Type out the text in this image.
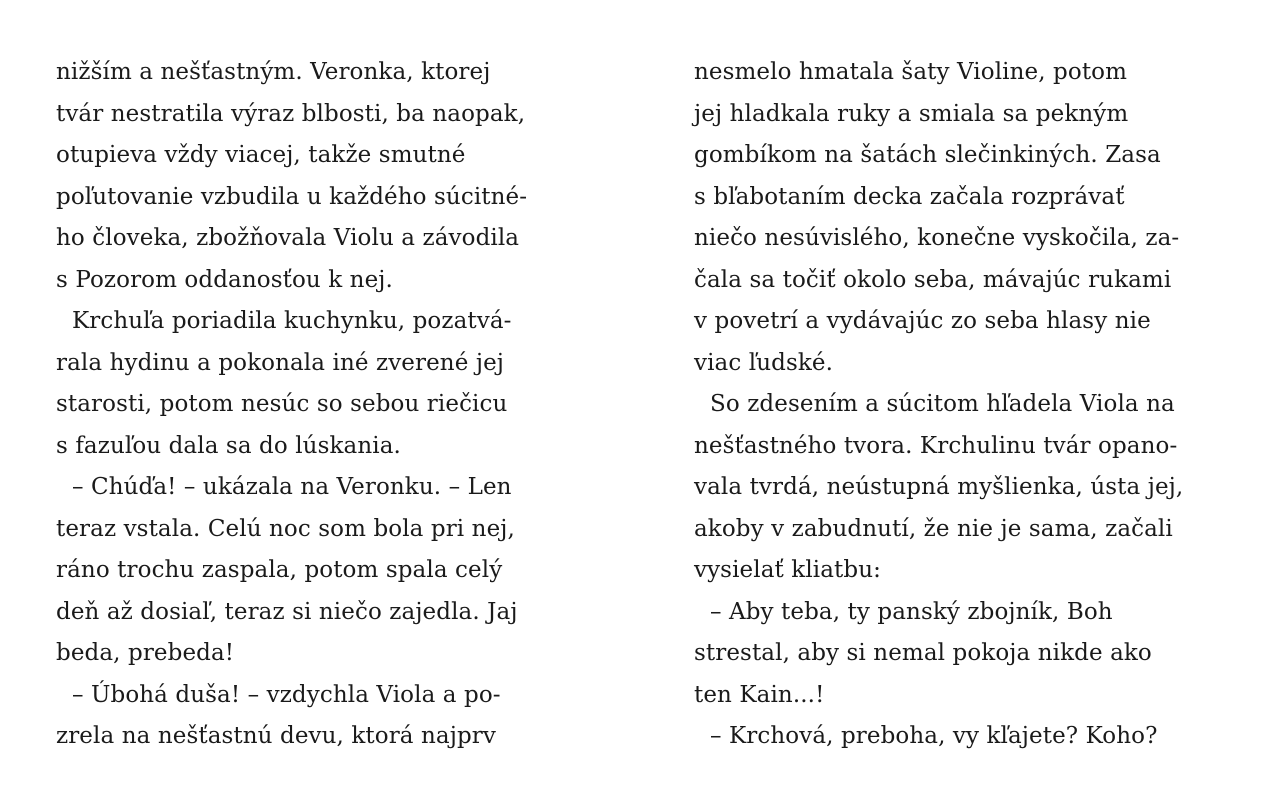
nižším a nešťastným. Veronka, ktorej
tvár nestratila výraz blbosti, ba naopak,
otupieva vždy viacej, takže smutné
poľutovanie vzbudila u každého súcitné-
ho človeka, zbožňovala Violu a závodila
s Pozorom oddanosťou k nej.
Krchuľa poriadila kuchynku, pozatvá-
rala hydinu a pokonala iné zverené jej
starosti, potom nesúc so sebou riečicu
s fazuľou dala sa do lúskania.
– Chúďa! – ukázala na Veronku. – Len
teraz vstala. Celú noc som bola pri nej,
ráno trochu zaspala, potom spala celý
deň až dosiaľ, teraz si niečo zajedla. Jaj
beda, prebeda!
– Úbohá duša! – vzdychla Viola a po-
zrela na nešťastnú devu, ktorá najprv
nesmelo hmatala šaty Violine, potom
jej hladkala ruky a smiala sa pekným
gombíkom na šatách slečinkiných. Zasa
s bľabotaním decka začala rozprávať
niečo nesúvislého, konečne vyskočila, za-
čala sa točiť okolo seba, mávajúc rukami
v povetrí a vydávajúc zo seba hlasy nie
viac ľudské.
So zdesením a súcitom hľadela Viola na
nešťastného tvora. Krchulinu tvár opano-
vala tvrdá, neústupná myšlienka, ústa jej,
akoby v zabudnutí, že nie je sama, začali
vysielať kliatbu:
– Aby teba, ty panský zbojník, Boh
strestal, aby si nemal pokoja nikde ako
ten Kain...!
– Krchová, preboha, vy kľajete? Koho?
